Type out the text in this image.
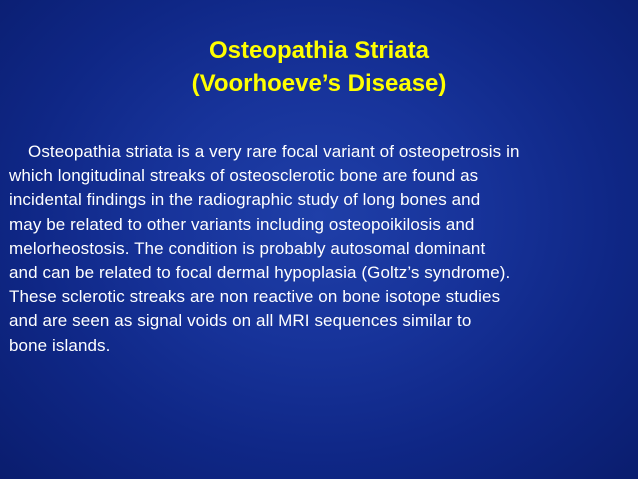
Osteopathia Striata
(Voorhoeve’s Disease)
Osteopathia striata is a very rare focal variant of osteopetrosis in
which longitudinal streaks of osteosclerotic bone are found as
incidental findings in the radiographic study of long bones and
may be related to other variants including osteopoikilosis and
melorheostosis. The condition is probably autosomal dominant
and can be related to focal dermal hypoplasia (Goltz’s syndrome).
These sclerotic streaks are non reactive on bone isotope studies
and are seen as signal voids on all MRI sequences similar to
bone islands.
